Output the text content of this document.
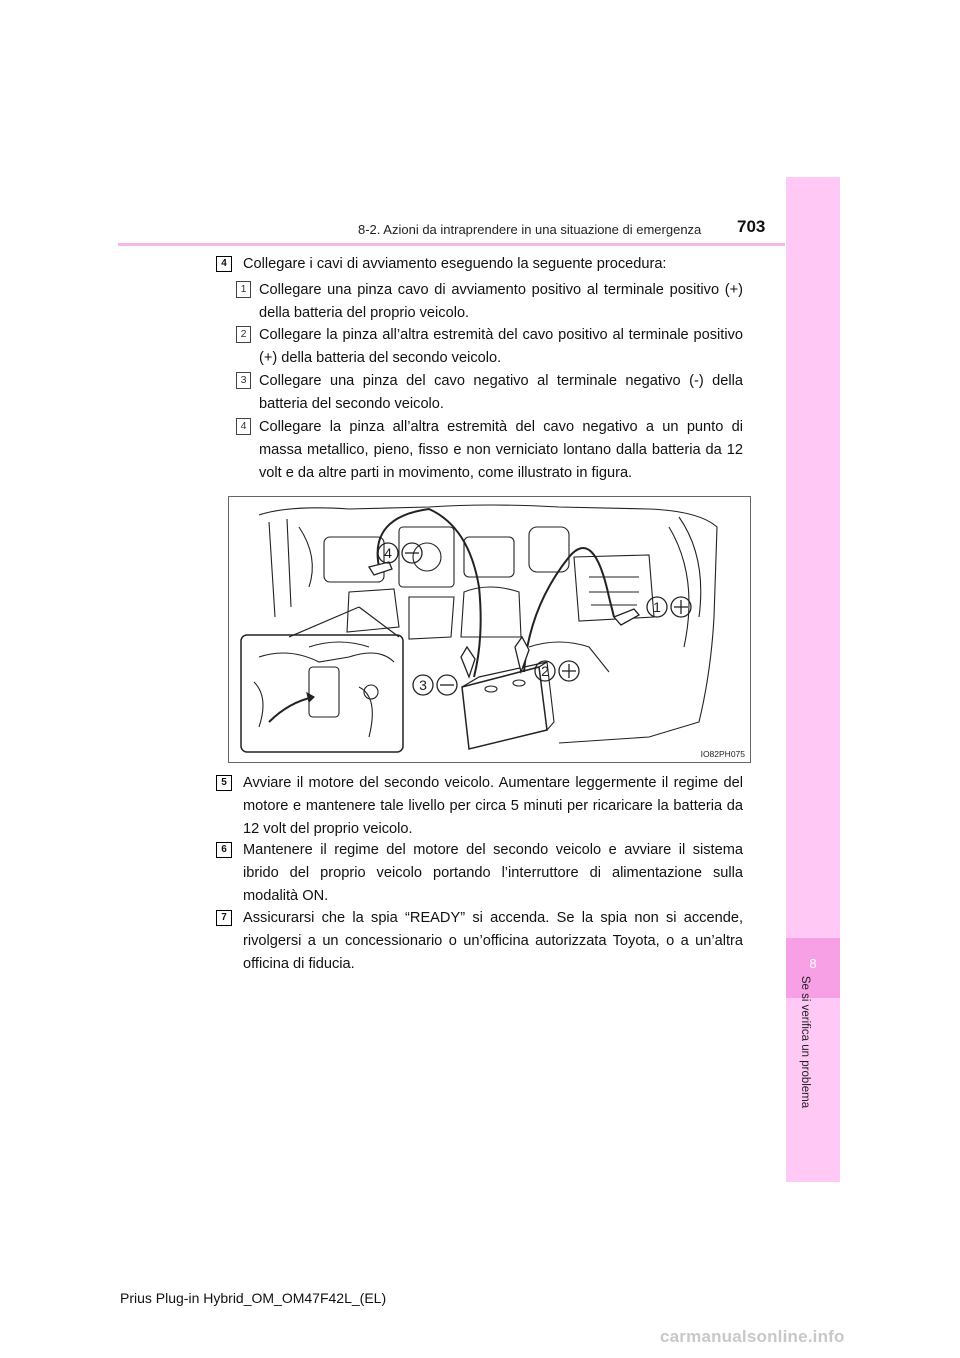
8-2. Azioni da intraprendere in una situazione di emergenza 703
8
Se si verifica un problema
4	Collegare i cavi di avviamento eseguendo la seguente procedura:
1 Collegare una pinza cavo di avviamento positivo al terminale positivo (+) della batteria del proprio veicolo.
2 Collegare la pinza all’altra estremità del cavo positivo al terminale positivo (+) della batteria del secondo veicolo.
3 Collegare una pinza del cavo negativo al terminale negativo (-) della batteria del secondo veicolo.
4 Collegare la pinza all’altra estremità del cavo negativo a un punto di massa metallico, pieno, fisso e non verniciato lontano dalla batteria da 12 volt e da altre parti in movimento, come illustrato in figura.
4
1
2
3
IO82PH075
5	Avviare il motore del secondo veicolo. Aumentare leggermente il regime del motore e mantenere tale livello per circa 5 minuti per ricaricare la batteria da 12 volt del proprio veicolo.
6	Mantenere il regime del motore del secondo veicolo e avviare il sistema ibrido del proprio veicolo portando l’interruttore di alimentazione sulla modalità ON.
7	Assicurarsi che la spia “READY” si accenda. Se la spia non si accende, rivolgersi a un concessionario o un’officina autorizzata Toyota, o a un’altra officina di fiducia.
Prius Plug-in Hybrid_OM_OM47F42L_(EL)
carmanualsonline.info
